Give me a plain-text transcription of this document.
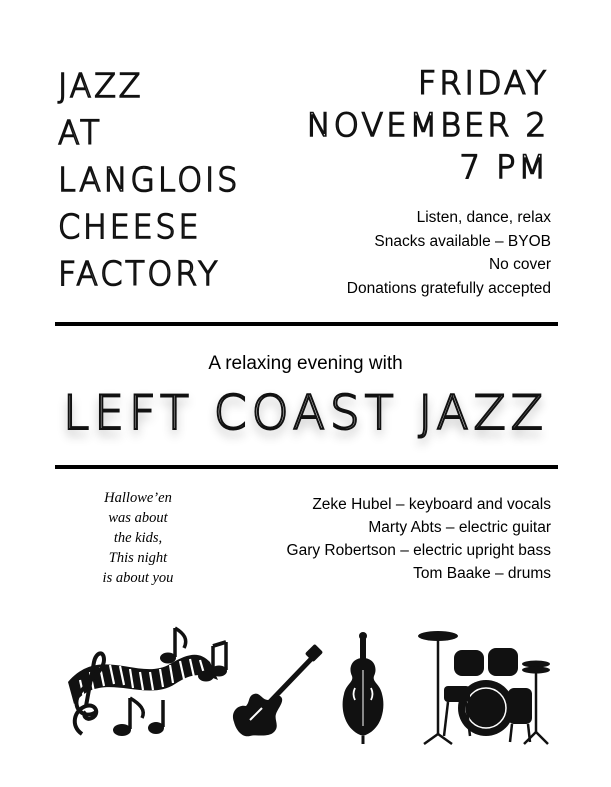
JAZZ
AT
LANGLOIS
CHEESE
FACTORY
FRIDAY
NOVEMBER 2
7 PM
Listen, dance, relax
Snacks available – BYOB
No cover
Donations gratefully accepted
A relaxing evening with
LEFT COAST JAZZ
Hallowe’en
was about
the kids,
This night
is about you
Zeke Hubel – keyboard and vocals
Marty Abts – electric guitar
Gary Robertson – electric upright bass
Tom Baake – drums
